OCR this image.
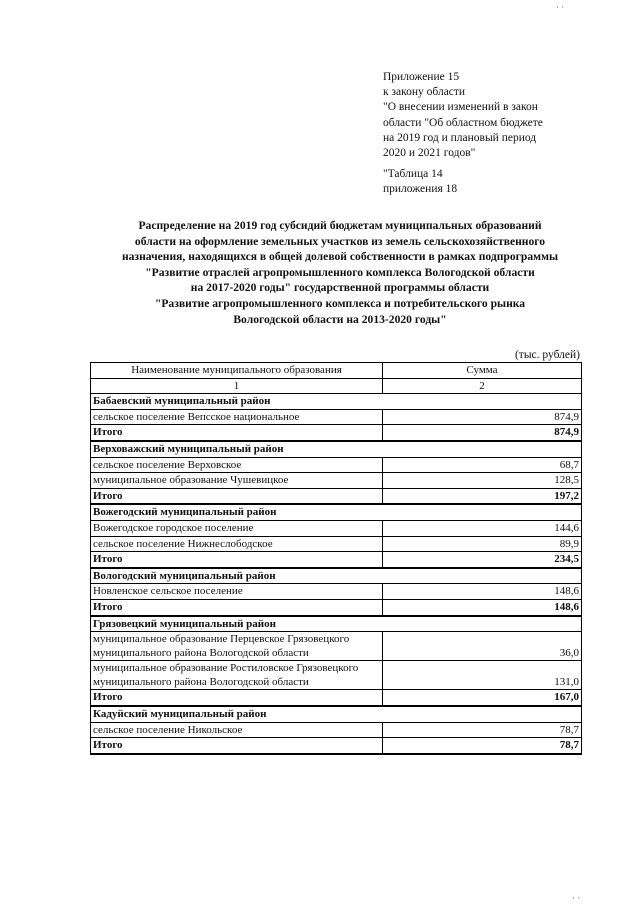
Приложение 15
к закону области
"О внесении изменений в закон
области "Об областном бюджете
на 2019 год и плановый период
2020 и 2021 годов"
"Таблица 14
приложения 18
Распределение на 2019 год субсидий бюджетам муниципальных образований
области на оформление земельных участков из земель сельскохозяйственного
назначения, находящихся в общей долевой собственности в рамках подпрограммы
"Развитие отраслей агропромышленного комплекса Вологодской области
на 2017-2020 годы" государственной программы области
"Развитие агропромышленного комплекса и потребительского рынка
Вологодской области на 2013-2020 годы"
(тыс. рублей)
Наименование муниципального образования	Сумма
1	2
Бабаевский муниципальный район	
сельское поселение Вепсское национальное	874,9
Итого	874,9
Верховажский муниципальный район	
сельское поселение Верховское	68,7
муниципальное образование Чушевицкое	128,5
Итого	197,2
Вожегодский муниципальный район	
Вожегодское городское поселение	144,6
сельское поселение Нижнеслободское	89,9
Итого	234,5
Вологодский муниципальный район	
Новленское сельское поселение	148,6
Итого	148,6
Грязовецкий муниципальный район	
муниципальное образование Перцевское Грязовецкого муниципального района Вологодской области	36,0
муниципальное образование Ростиловское Грязовецкого муниципального района Вологодской области	131,0
Итого	167,0
Кадуйский муниципальный район	
сельское поселение Никольское	78,7
Итого	78,7
· ·
· ·
